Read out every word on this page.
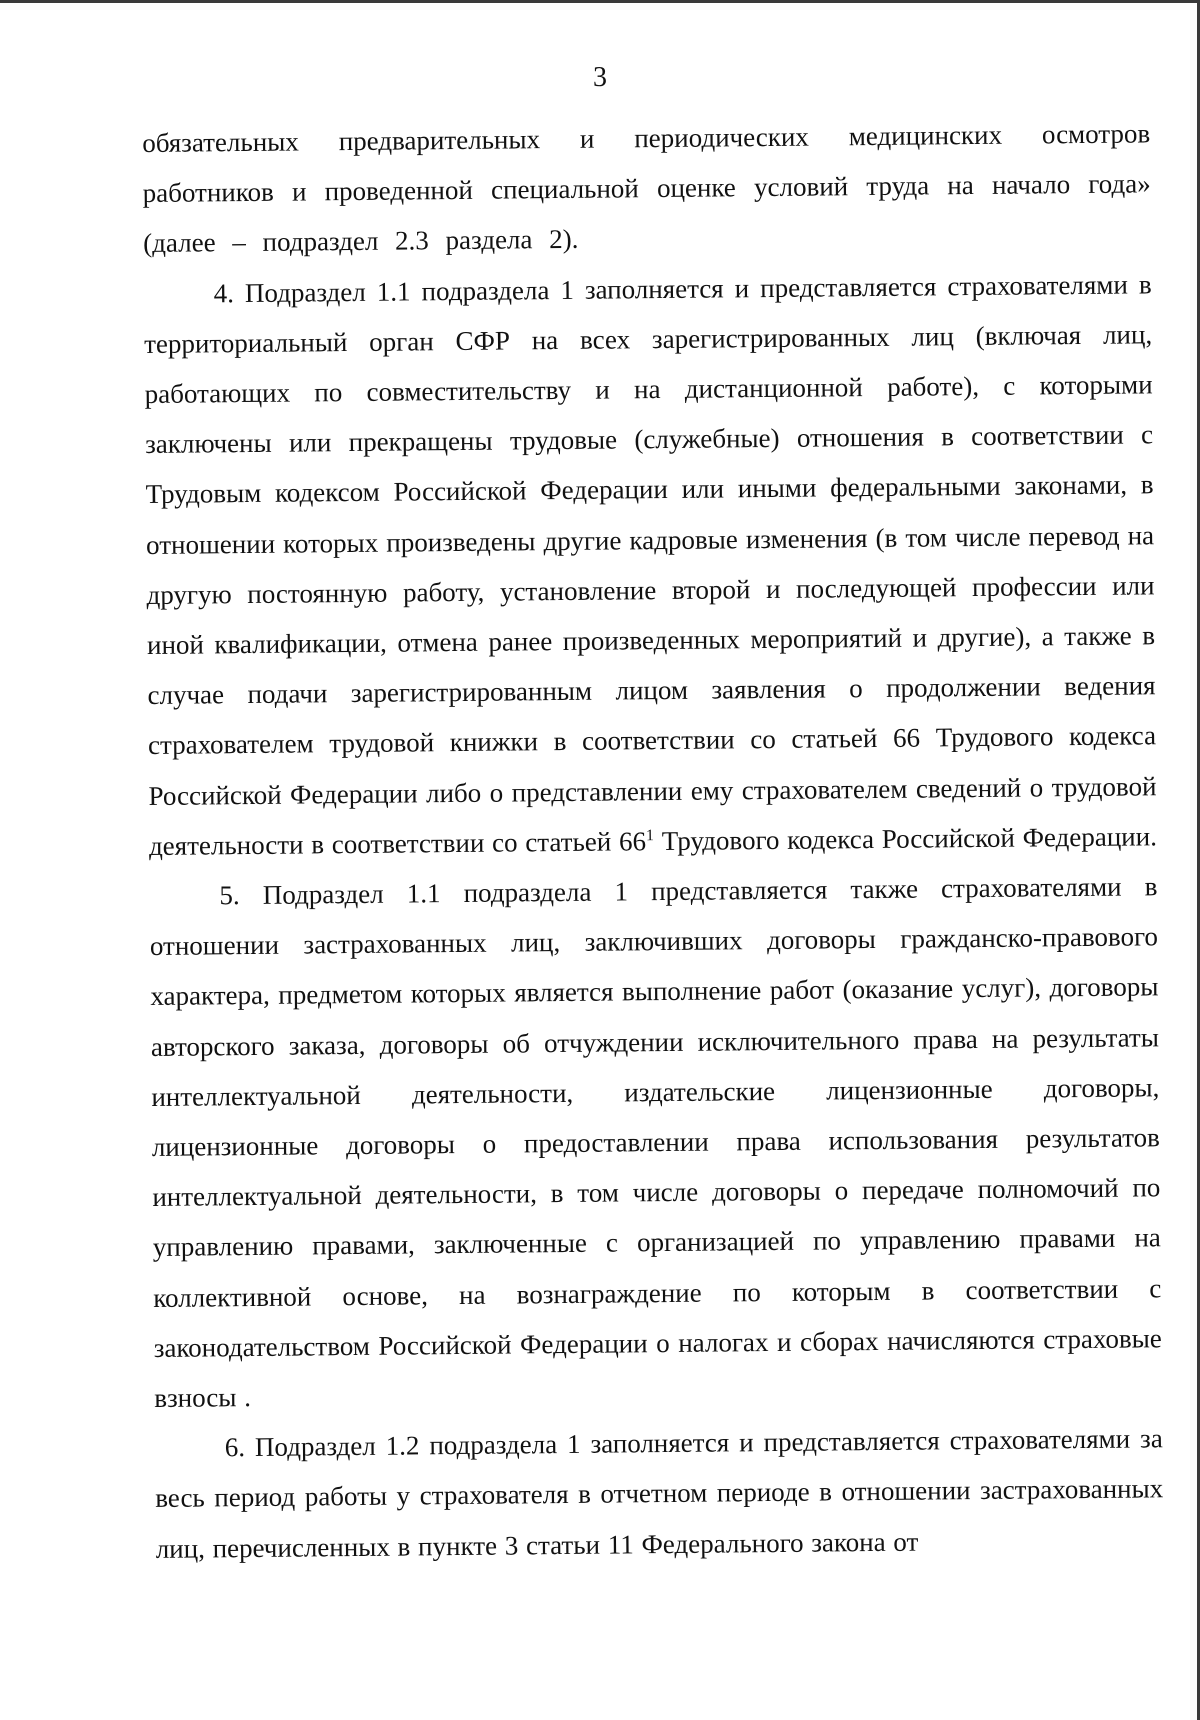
3

обязательных предварительных и периодических медицинских осмотров работников и проведенной специальной оценке условий труда на начало года» (далее – подраздел 2.3 раздела 2).

4. Подраздел 1.1 подраздела 1 заполняется и представляется страхователями в территориальный орган СФР на всех зарегистрированных лиц (включая лиц, работающих по совместительству и на дистанционной работе), с которыми заключены или прекращены трудовые (служебные) отношения в соответствии с Трудовым кодексом Российской Федерации или иными федеральными законами, в отношении которых произведены другие кадровые изменения (в том числе перевод на другую постоянную работу, установление второй и последующей профессии или иной квалификации, отмена ранее произведенных мероприятий и другие), а также в случае подачи зарегистрированным лицом заявления о продолжении ведения страхователем трудовой книжки в соответствии со статьей 66 Трудового кодекса Российской Федерации либо о представлении ему страхователем сведений о трудовой деятельности в соответствии со статьей $66^1$ Трудового кодекса Российской Федерации.

5. Подраздел 1.1 подраздела 1 представляется также страхователями в отношении застрахованных лиц, заключивших договоры гражданско-правового характера, предметом которых является выполнение работ (оказание услуг), договоры авторского заказа, договоры об отчуждении исключительного права на результаты интеллектуальной деятельности, издательские лицензионные договоры, лицензионные договоры о предоставлении права использования результатов интеллектуальной деятельности, в том числе договоры о передаче полномочий по управлению правами, заключенные с организацией по управлению правами на коллективной основе, на вознаграждение по которым в соответствии с законодательством Российской Федерации о налогах и сборах начисляются страховые взносы .

6. Подраздел 1.2 подраздела 1 заполняется и представляется страхователями за весь период работы у страхователя в отчетном периоде в отношении застрахованных лиц, перечисленных в пункте 3 статьи 11 Федерального закона от
